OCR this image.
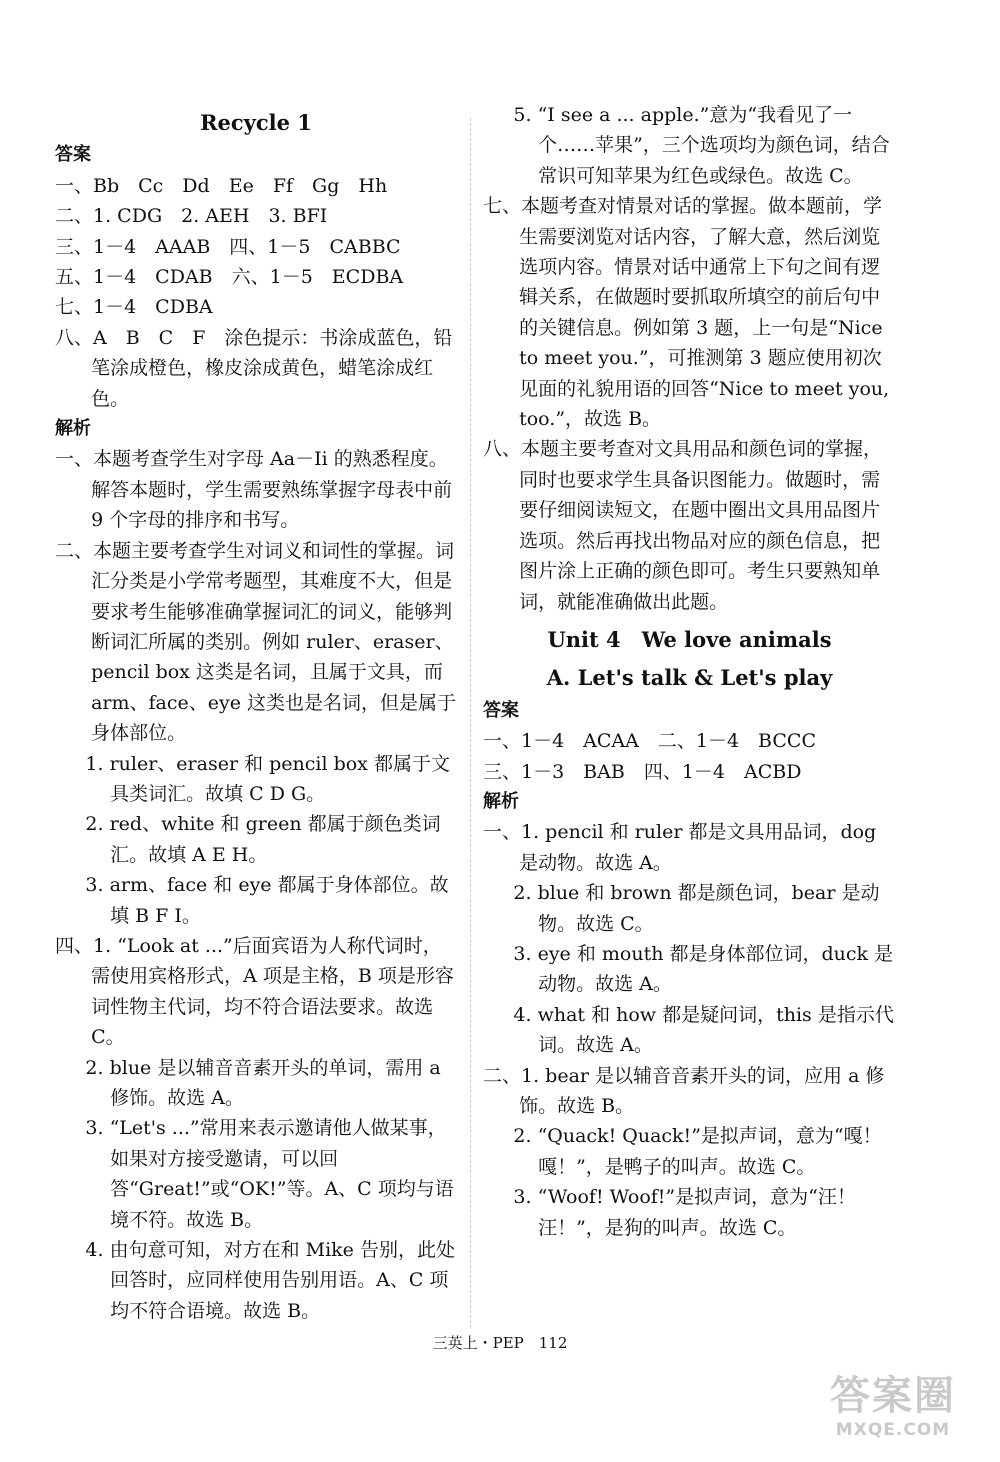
Recycle 1
答案

一、Bb　Cc　Dd　Ee　Ff　Gg　Hh

二、1. CDG　2. AEH　3. BFI

三、1－4　AAAB　四、1－5　CABBC

五、1－4　CDAB　六、1－5　ECDBA

七、1－4　CDBA

八、A　B　C　F　涂色提示：书涂成蓝色，铅笔涂成橙色，橡皮涂成黄色，蜡笔涂成红色。

解析

一、本题考查学生对字母 Aa－Ii 的熟悉程度。解答本题时，学生需要熟练掌握字母表中前 9 个字母的排序和书写。

二、本题主要考查学生对词义和词性的掌握。词汇分类是小学常考题型，其难度不大，但是要求考生能够准确掌握词汇的词义，能够判断词汇所属的类别。例如 ruler、eraser、pencil box 这类是名词，且属于文具，而 arm、face、eye 这类也是名词，但是属于身体部位。

1. ruler、eraser 和 pencil box 都属于文具类词汇。故填 C D G。

2. red、white 和 green 都属于颜色类词汇。故填 A E H。

3. arm、face 和 eye 都属于身体部位。故填 B F I。

四、1. “Look at ...”后面宾语为人称代词时，需使用宾格形式，A 项是主格，B 项是形容词性物主代词，均不符合语法要求。故选 C。

2. blue 是以辅音音素开头的单词，需用 a 修饰。故选 A。

3. “Let's ...”常用来表示邀请他人做某事，如果对方接受邀请，可以回答“Great!”或“OK!”等。A、C 项均与语境不符。故选 B。

4. 由句意可知，对方在和 Mike 告别，此处回答时，应同样使用告别用语。A、C 项均不符合语境。故选 B。

5. “I see a ... apple.”意为“我看见了一个……苹果”，三个选项均为颜色词，结合常识可知苹果为红色或绿色。故选 C。

七、本题考查对情景对话的掌握。做本题前，学生需要浏览对话内容，了解大意，然后浏览选项内容。情景对话中通常上下句之间有逻辑关系，在做题时要抓取所填空的前后句中的关键信息。例如第 3 题，上一句是“Nice to meet you.”，可推测第 3 题应使用初次见面的礼貌用语的回答“Nice to meet you, too.”，故选 B。

八、本题主要考查对文具用品和颜色词的掌握，同时也要求学生具备识图能力。做题时，需要仔细阅读短文，在题中圈出文具用品图片选项。然后再找出物品对应的颜色信息，把图片涂上正确的颜色即可。考生只要熟知单词，就能准确做出此题。

Unit 4　We love animals
A. Let's talk & Let's play
答案

一、1－4　ACAA　二、1－4　BCCC

三、1－3　BAB　四、1－4　ACBD

解析

一、1. pencil 和 ruler 都是文具用品词，dog 是动物。故选 A。

2. blue 和 brown 都是颜色词，bear 是动物。故选 C。

3. eye 和 mouth 都是身体部位词，duck 是动物。故选 A。

4. what 和 how 都是疑问词，this 是指示代词。故选 A。

二、1. bear 是以辅音音素开头的词，应用 a 修饰。故选 B。

2. “Quack! Quack!”是拟声词，意为“嘎！嘎！”，是鸭子的叫声。故选 C。

3. “Woof! Woof!”是拟声词，意为“汪！汪！”，是狗的叫声。故选 C。

三英上・PEP　112
答案圈
MXQE.COM
